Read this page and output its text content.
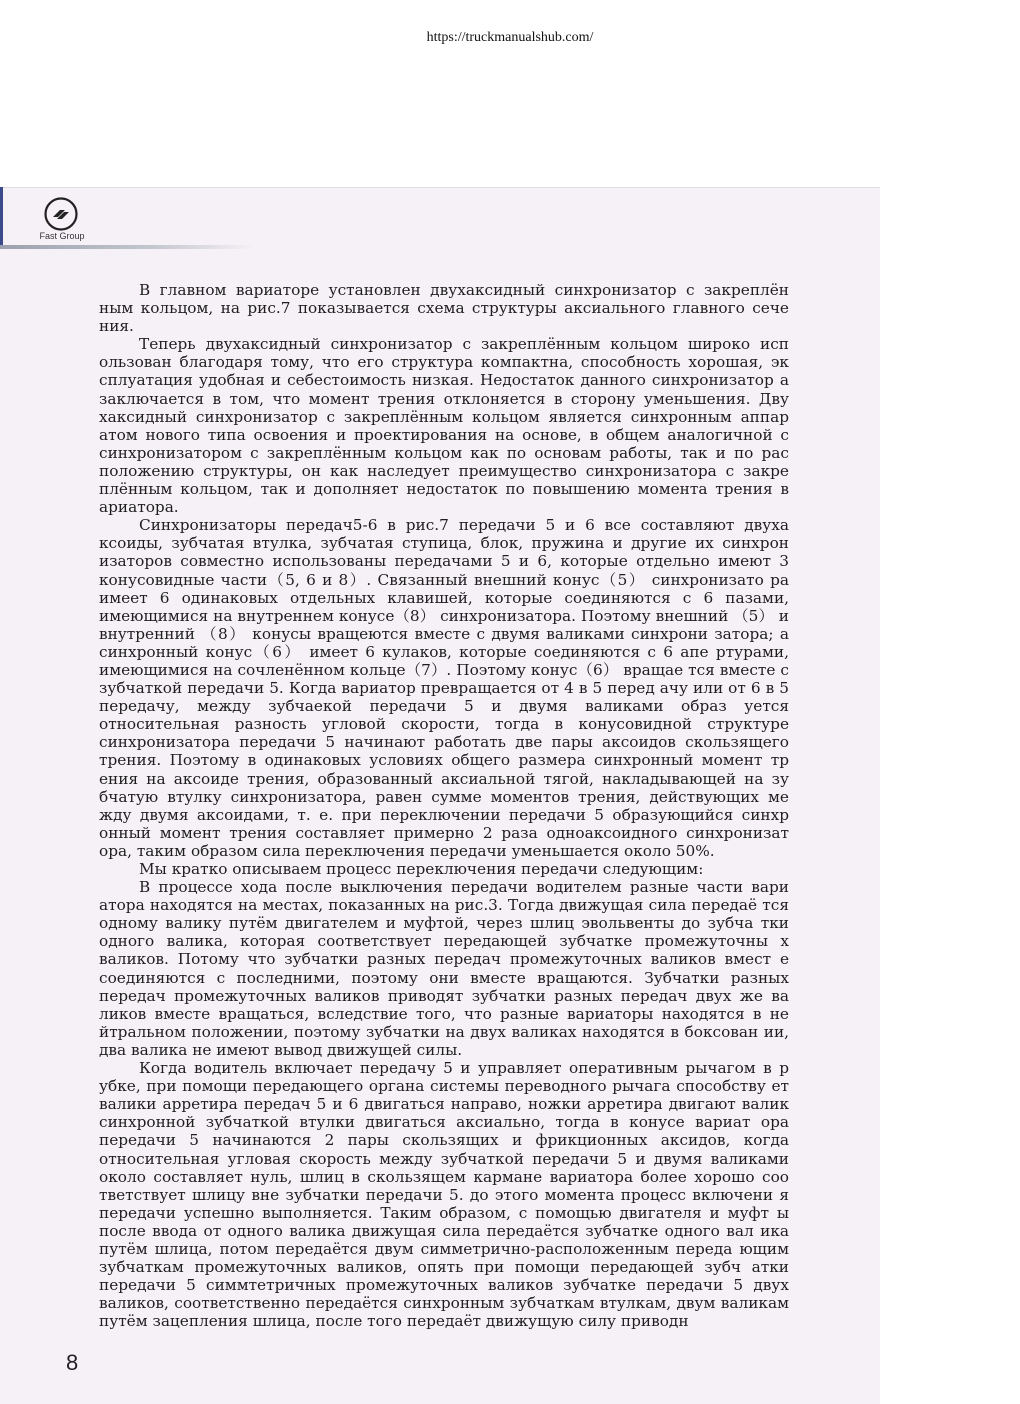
https://truckmanualshub.com/
Fast Group

В главном вариаторе установлен двухаксидный синхронизатор с закреплён ным кольцом, на рис.7 показывается схема структуры аксиального главного сече ния.

Теперь двухаксидный синхронизатор с закреплённым кольцом широко исп ользован благодаря тому, что его структура компактна, способность хорошая, эк сплуатация удобная и себестоимость низкая. Недостаток данного синхронизатор а заключается в том, что момент трения отклоняется в сторону уменьшения. Дву хаксидный синхронизатор с закреплённым кольцом является синхронным аппар атом нового типа освоения и проектирования на основе, в общем аналогичной с синхронизатором с закреплённым кольцом как по основам работы, так и по рас положению структуры, он как наследует преимущество синхронизатора с закре плённым кольцом, так и дополняет недостаток по повышению момента трения в ариатора.

Синхронизаторы передач5-6 в рис.7 передачи 5 и 6 все составляют двуха ксоиды, зубчатая втулка, зубчатая ступица, блок, пружина и другие их синхрон изаторов совместно использованы передачами 5 и 6, которые отдельно имеют 3 конусовидные части（5, 6 и 8）. Связанный внешний конус（5） синхронизато ра имеет 6 одинаковых отдельных клавишей, которые соединяются с 6 пазами, имеющимися на внутреннем конусе（8） синхронизатора. Поэтому внешний （5） и внутренний （8） конусы вращеются вместе с двумя валиками синхрони затора; а синхронный конус（6） имеет 6 кулаков, которые соединяются с 6 апе ртурами, имеющимися на сочленённом кольце（7）. Поэтому конус（6） вращае тся вместе с зубчаткой передачи 5. Когда вариатор превращается от 4 в 5 перед ачу или от 6 в 5 передачу, между зубчаекой передачи 5 и двумя валиками образ уется относительная разность угловой скорости, тогда в конусовидной структуре синхронизатора передачи 5 начинают работать две пары аксоидов скользящего трения. Поэтому в одинаковых условиях общего размера синхронный момент тр ения на аксоиде трения, образованный аксиальной тягой, накладывающей на зу бчатую втулку синхронизатора, равен сумме моментов трения, действующих ме жду двумя аксоидами, т. е. при переключении передачи 5 образующийся синхр онный момент трения составляет примерно 2 раза одноаксоидного синхронизат ора, таким образом сила переключения передачи уменьшается около 50%.

Мы кратко описываем процесс переключения передачи следующим:

В процессе хода после выключения передачи водителем разные части вари атора находятся на местах, показанных на рис.3. Тогда движущая сила передаё тся одному валику путём двигателем и муфтой, через шлиц эвольвенты до зубча тки одного валика, которая соответствует передающей зубчатке промежуточны х валиков. Потому что зубчатки разных передач промежуточных валиков вмест е соединяются с последними, поэтому они вместе вращаются. Зубчатки разных передач промежуточных валиков приводят зубчатки разных передач двух же ва ликов вместе вращаться, вследствие того, что разные вариаторы находятся в не йтральном положении, поэтому зубчатки на двух валиках находятся в боксован ии, два валика не имеют вывод движущей силы.

Когда водитель включает передачу 5 и управляет оперативным рычагом в р убке, при помощи передающего органа системы переводного рычага способству ет валики арретира передач 5 и 6 двигаться направо, ножки арретира двигают валик синхронной зубчаткой втулки двигаться аксиально, тогда в конусе вариат ора передачи 5 начинаются 2 пары скользящих и фрикционных аксидов, когда относительная угловая скорость между зубчаткой передачи 5 и двумя валиками около составляет нуль, шлиц в скользящем кармане вариатора более хорошо соо тветствует шлицу вне зубчатки передачи 5. до этого момента процесс включени я передачи успешно выполняется. Таким образом, с помощью двигателя и муфт ы после ввода от одного валика движущая сила передаётся зубчатке одного вал ика путём шлица, потом передаётся двум симметрично-расположенным переда ющим зубчаткам промежуточных валиков, опять при помощи передающей зубч атки передачи 5 симмтетричных промежуточных валиков зубчатке передачи 5 двух валиков, соответственно передаётся синхронным зубчаткам втулкам, двум валикам путём зацепления шлица, после того передаёт движущую силу приводн

8
